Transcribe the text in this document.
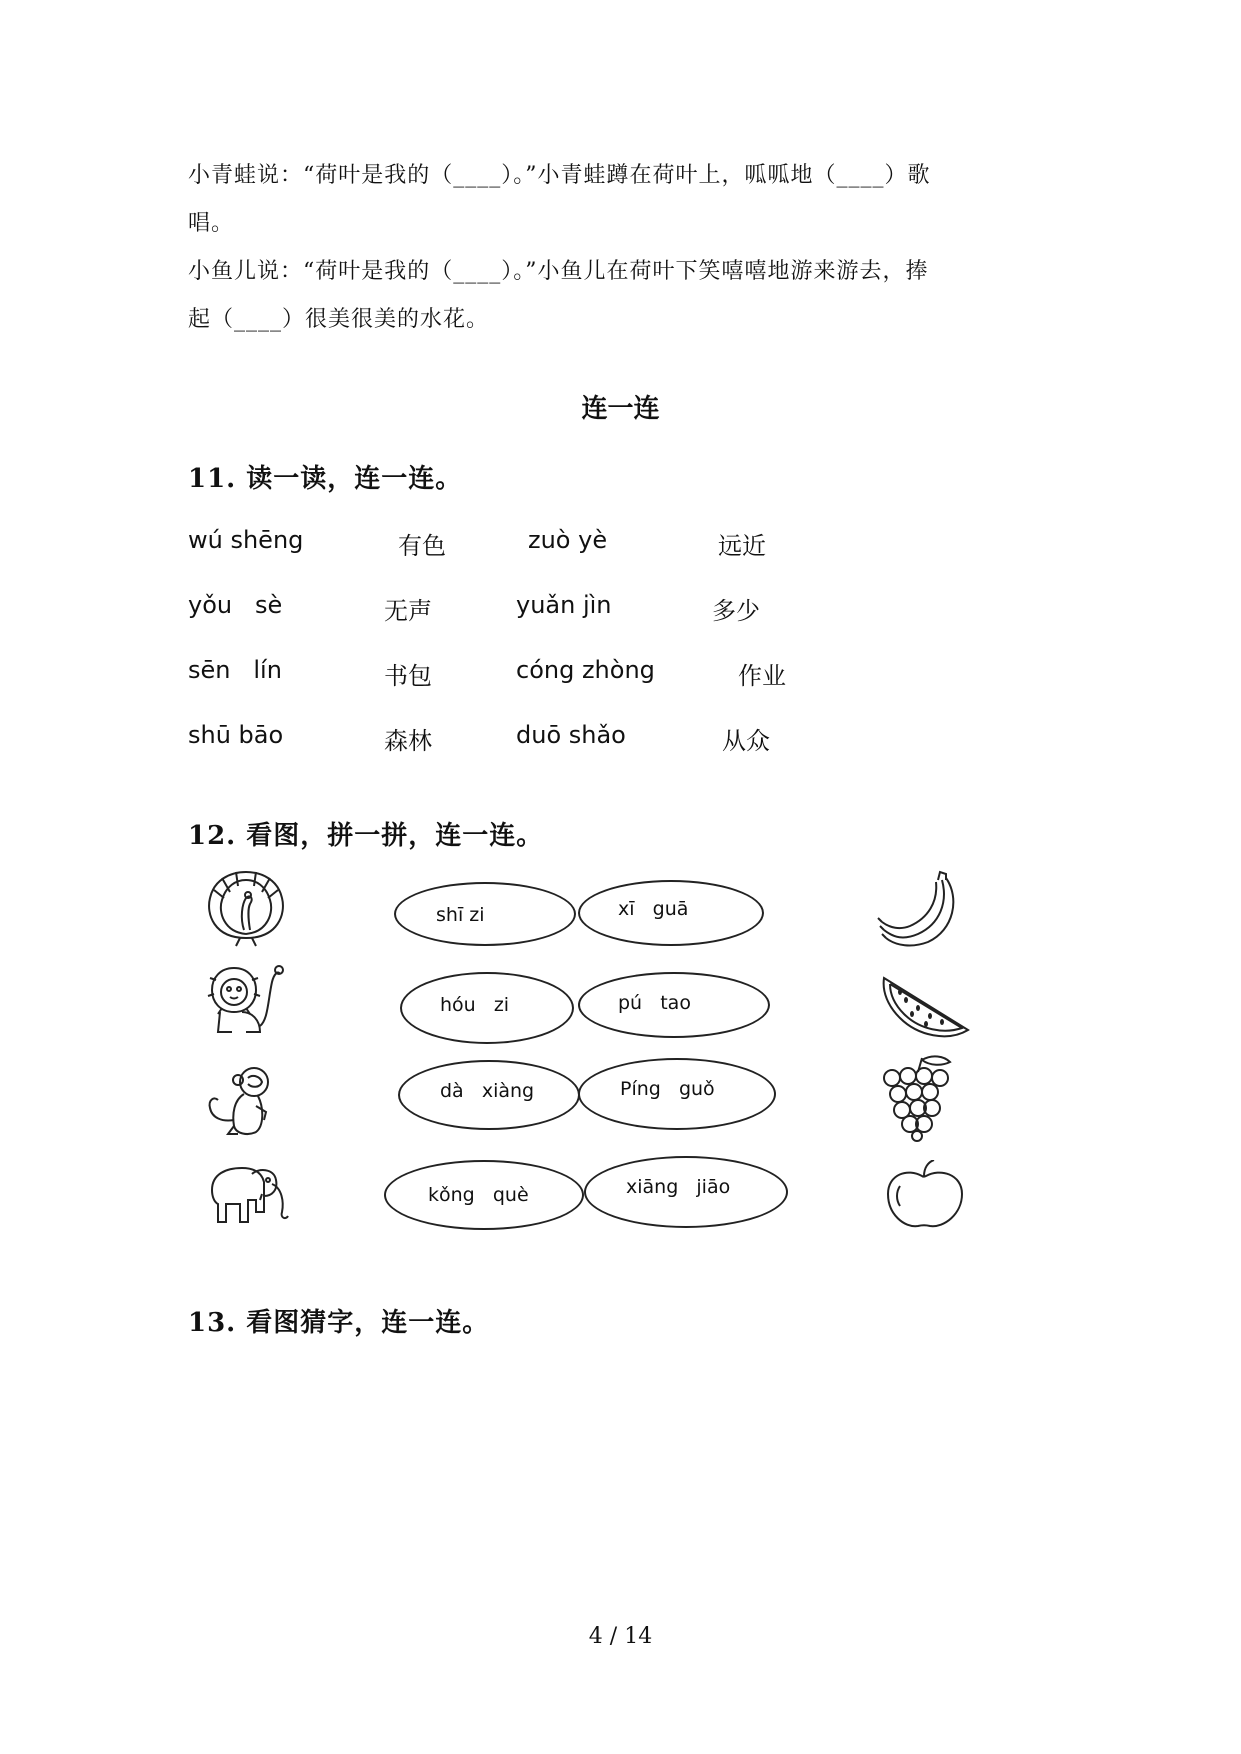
小青蛙说：“荷叶是我的（____）。”小青蛙蹲在荷叶上，呱呱地（____）歌
唱。
小鱼儿说：“荷叶是我的（____）。”小鱼儿在荷叶下笑嘻嘻地游来游去，捧
起（____）很美很美的水花。
连一连
11. 读一读，连一连。
wú shēng	有色	zuò yè	远近
yǒu   sè	无声	yuǎn jìn	多少
sēn   lín	书包	cóng zhòng	作业
shū bāo	森林	duō shǎo	从众
12. 看图，拼一拼，连一连。
shī zi	xī   guā
hóu   zi	pú   tao
dà   xiàng	Píng   guǒ
kǒng   què	xiāng   jiāo
13. 看图猜字，连一连。
4 / 14
